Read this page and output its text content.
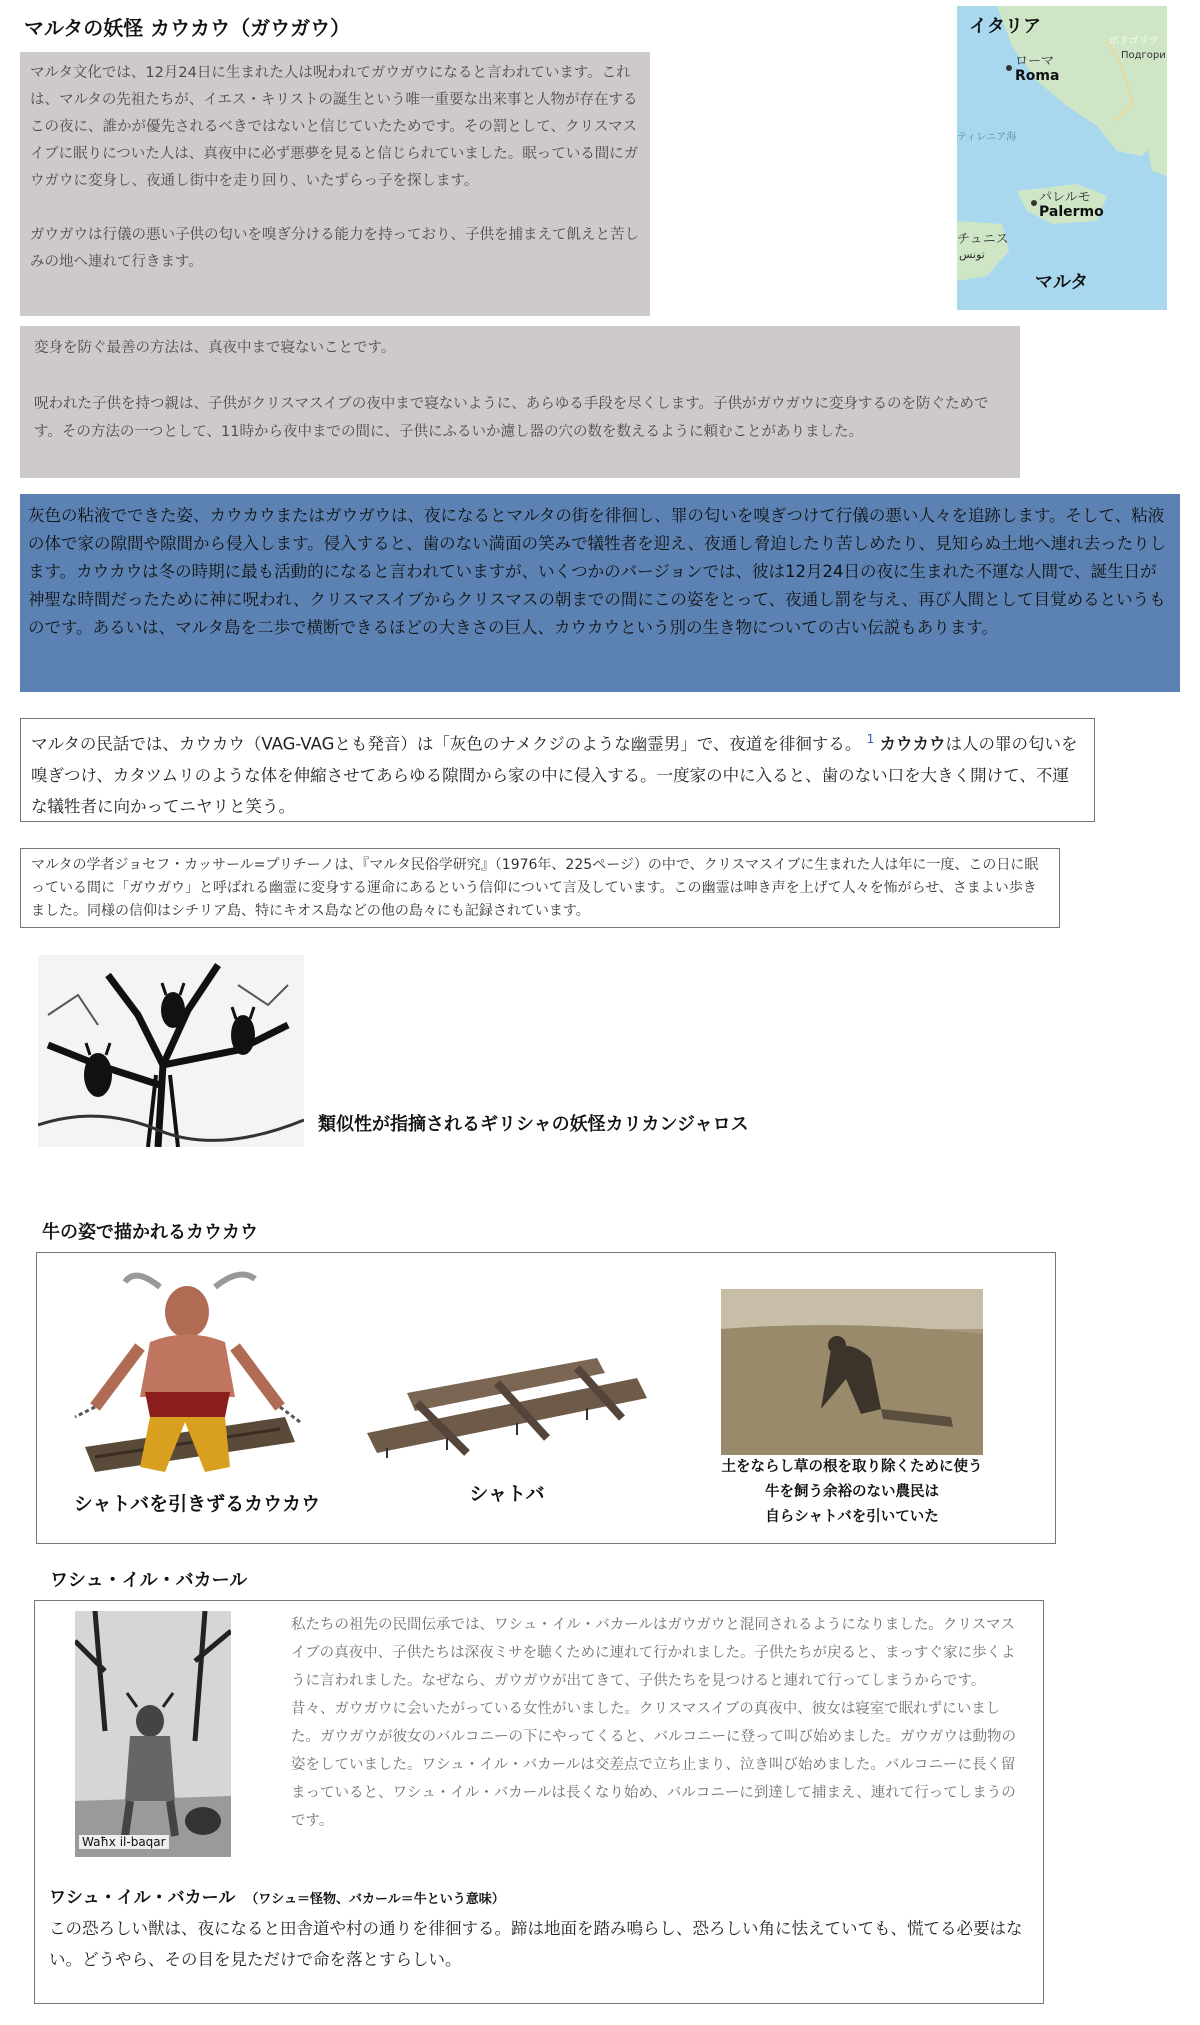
マルタの妖怪 カウカウ（ガウガウ）

マルタ文化では、12月24日に生まれた人は呪われてガウガウになると言われています。これは、マルタの先祖たちが、イエス・キリストの誕生という唯一重要な出来事と人物が存在するこの夜に、誰かが優先されるべきではないと信じていたためです。その罰として、クリスマスイブに眠りについた人は、真夜中に必ず悪夢を見ると信じられていました。眠っている間にガウガウに変身し、夜通し街中を走り回り、いたずらっ子を探します。

ガウガウは行儀の悪い子供の匂いを嗅ぎ分ける能力を持っており、子供を捕まえて飢えと苦しみの地へ連れて行きます。

イタリア
ポドゴリツ
Подгори
ローマ
Roma
ティレニア海
パレルモ
Palermo
チュニス
تونس
マルタ

変身を防ぐ最善の方法は、真夜中まで寝ないことです。

呪われた子供を持つ親は、子供がクリスマスイブの夜中まで寝ないように、あらゆる手段を尽くします。子供がガウガウに変身するのを防ぐためです。その方法の一つとして、11時から夜中までの間に、子供にふるいか濾し器の穴の数を数えるように頼むことがありました。

灰色の粘液でできた姿、カウカウまたはガウガウは、夜になるとマルタの街を徘徊し、罪の匂いを嗅ぎつけて行儀の悪い人々を追跡します。そして、粘液の体で家の隙間や隙間から侵入します。侵入すると、歯のない満面の笑みで犠牲者を迎え、夜通し脅迫したり苦しめたり、見知らぬ土地へ連れ去ったりします。カウカウは冬の時期に最も活動的になると言われていますが、いくつかのバージョンでは、彼は12月24日の夜に生まれた不運な人間で、誕生日が神聖な時間だったために神に呪われ、クリスマスイブからクリスマスの朝までの間にこの姿をとって、夜通し罰を与え、再び人間として目覚めるというものです。あるいは、マルタ島を二歩で横断できるほどの大きさの巨人、カウカウという別の生き物についての古い伝説もあります。

マルタの民話では、カウカウ（VAG-VAGとも発音）は「灰色のナメクジのような幽霊男」で、夜道を徘徊する。 $^1$ カウカウは人の罪の匂いを嗅ぎつけ、カタツムリのような体を伸縮させてあらゆる隙間から家の中に侵入する。一度家の中に入ると、歯のない口を大きく開けて、不運な犠牲者に向かってニヤリと笑う。

マルタの学者ジョセフ・カッサール=プリチーノは、『マルタ民俗学研究』（1976年、225ページ）の中で、クリスマスイブに生まれた人は年に一度、この日に眠っている間に「ガウガウ」と呼ばれる幽霊に変身する運命にあるという信仰について言及しています。この幽霊は呻き声を上げて人々を怖がらせ、さまよい歩きました。同様の信仰はシチリア島、特にキオス島などの他の島々にも記録されています。

類似性が指摘されるギリシャの妖怪カリカンジャロス
牛の姿で描かれるカウカウ
シャトバを引きずるカウカウ	シャトバ
土をならし草の根を取り除くために使う
牛を飼う余裕のない農民は
自らシャトバを引いていた
ワシュ・イル・バカール
Waħx il-baqar

私たちの祖先の民間伝承では、ワシュ・イル・バカールはガウガウと混同されるようになりました。クリスマスイブの真夜中、子供たちは深夜ミサを聴くために連れて行かれました。子供たちが戻ると、まっすぐ家に歩くように言われました。なぜなら、ガウガウが出てきて、子供たちを見つけると連れて行ってしまうからです。昔々、ガウガウに会いたがっている女性がいました。クリスマスイブの真夜中、彼女は寝室で眠れずにいました。ガウガウが彼女のバルコニーの下にやってくると、バルコニーに登って叫び始めました。ガウガウは動物の姿をしていました。ワシュ・イル・バカールは交差点で立ち止まり、泣き叫び始めました。バルコニーに長く留まっていると、ワシュ・イル・バカールは長くなり始め、バルコニーに到達して捕まえ、連れて行ってしまうのです。

ワシュ・イル・バカール （ワシュ＝怪物、バカール＝牛という意味）

この恐ろしい獣は、夜になると田舎道や村の通りを徘徊する。蹄は地面を踏み鳴らし、恐ろしい角に怯えていても、慌てる必要はない。どうやら、その目を見ただけで命を落とすらしい。
